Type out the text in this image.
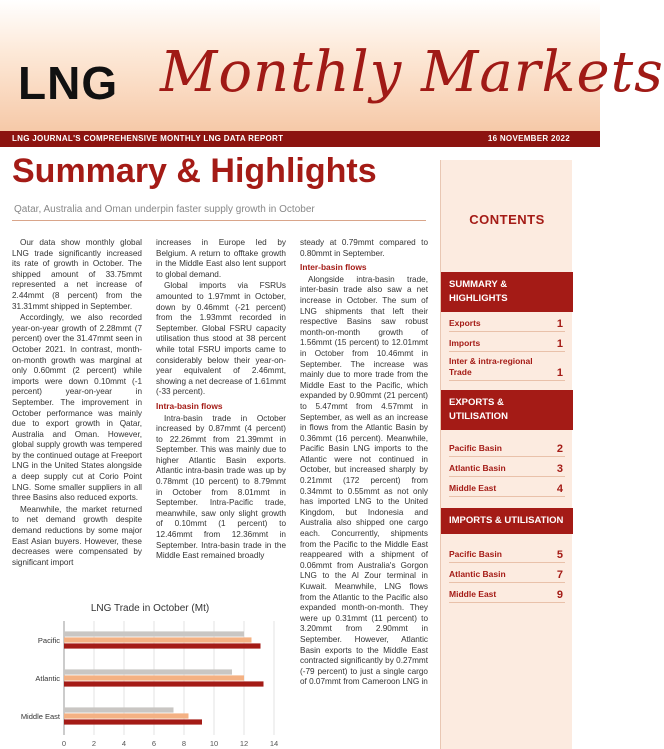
LNG Monthly Markets
LNG JOURNAL'S COMPREHENSIVE MONTHLY LNG DATA REPORT	16 NOVEMBER 2022
Summary & Highlights
Qatar, Australia and Oman underpin faster supply growth in October

Our data show monthly global LNG trade significantly increased its rate of growth in October. The shipped amount of 33.75mmt represented a net increase of 2.44mmt (8 percent) from the 31.31mmt shipped in September.

Accordingly, we also recorded year-on-year growth of 2.28mmt (7 percent) over the 31.47mmt seen in October 2021. In contrast, month-on-month growth was marginal at only 0.60mmt (2 percent) while imports were down 0.10mmt (-1 percent) year-on-year in September. The improvement in October performance was mainly due to export growth in Qatar, Australia and Oman. However, global supply growth was tempered by the continued outage at Freeport LNG in the United States alongside a deep supply cut at Corio Point LNG. Some smaller suppliers in all three Basins also reduced exports.

Meanwhile, the market returned to net demand growth despite demand reductions by some major East Asian buyers. However, these decreases were compensated by significant import

increases in Europe led by Belgium. A return to offtake growth in the Middle East also lent support to global demand.

Global imports via FSRUs amounted to 1.97mmt in October, down by 0.46mmt (-21 percent) from the 1.93mmt recorded in September. Global FSRU capacity utilisation thus stood at 38 percent while total FSRU imports came to considerably below their year-on-year equivalent of 2.46mmt, showing a net decrease of 1.61mmt (-33 percent).

Intra-basin flows

Intra-basin trade in October increased by 0.87mmt (4 percent) to 22.26mmt from 21.39mmt in September. This was mainly due to higher Atlantic Basin exports. Atlantic intra-basin trade was up by 0.78mmt (10 percent) to 8.79mmt in October from 8.01mmt in September. Intra-Pacific trade, meanwhile, saw only slight growth of 0.10mmt (1 percent) to 12.46mmt from 12.36mmt in September. Intra-basin trade in the Middle East remained broadly

steady at 0.79mmt compared to 0.80mmt in September.

Inter-basin flows

Alongside intra-basin trade, inter-basin trade also saw a net increase in October. The sum of LNG shipments that left their respective Basins saw robust month-on-month growth of 1.56mmt (15 percent) to 12.01mmt in October from 10.46mmt in September. The increase was mainly due to more trade from the Middle East to the Pacific, which expanded by 0.90mmt (21 percent) to 5.47mmt from 4.57mmt in September, as well as an increase in flows from the Atlantic Basin by 0.36mmt (16 percent). Meanwhile, Pacific Basin LNG imports to the Atlantic were not continued in October, but increased sharply by 0.21mmt (172 percent) from 0.34mmt to 0.55mmt as not only has imported LNG to the United Kingdom, but Indonesia and Australia also shipped one cargo each. Concurrently, shipments from the Pacific to the Middle East reappeared with a shipment of 0.06mmt from Australia's Gorgon LNG to the Al Zour terminal in Kuwait. Meanwhile, LNG flows from the Atlantic to the Pacific also expanded month-on-month. They were up 0.31mmt (11 percent) to 3.20mmt from 2.90mmt in September. However, Atlantic Basin exports to the Middle East contracted significantly by 0.27mmt (-79 percent) to just a single cargo of 0.07mmt from Cameroon LNG in

LNG Trade in October (Mt)
0	2	4	6	8	10	12	14
Pacific
Atlantic
Middle East
CONTENTS
SUMMARY & HIGHLIGHTS
Exports	1
Imports	1
Inter & intra-regional Trade	1
EXPORTS & UTILISATION
Pacific Basin	2
Atlantic Basin	3
Middle East	4
IMPORTS & UTILISATION
Pacific Basin	5
Atlantic Basin	7
Middle East	9
